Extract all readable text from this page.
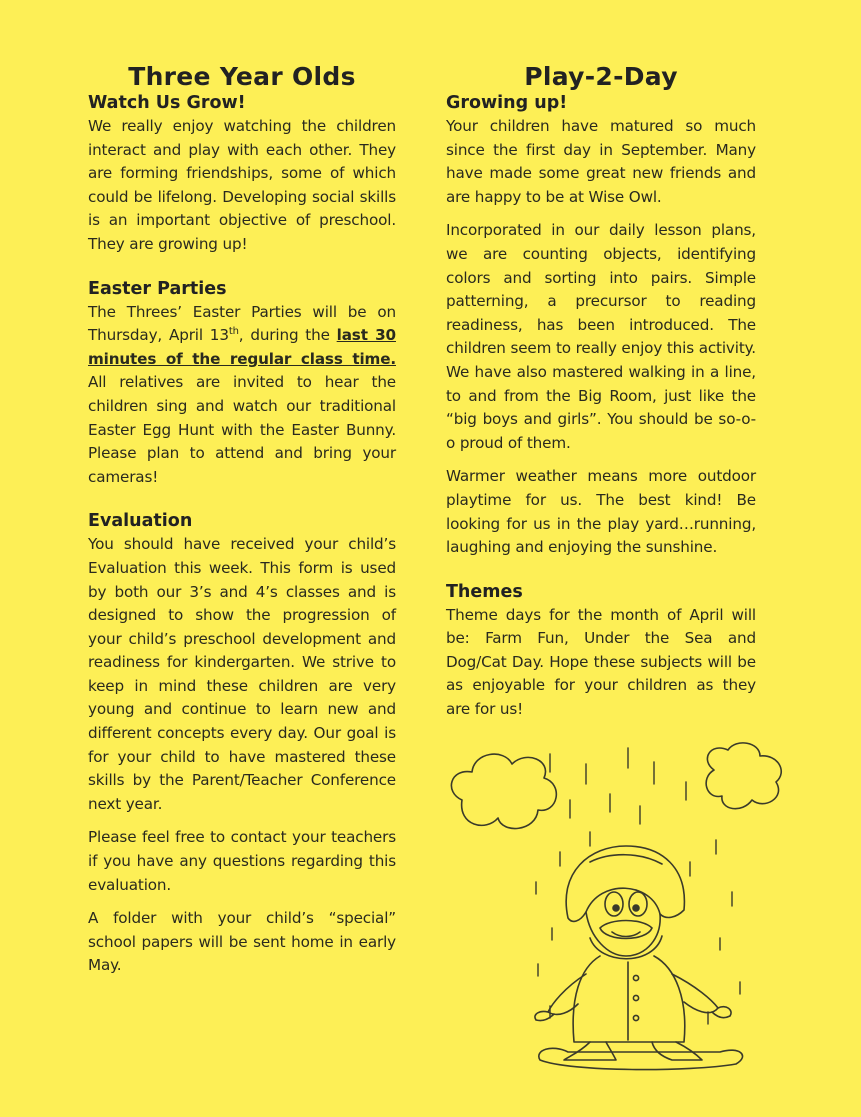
Three Year Olds
Watch Us Grow!

We really enjoy watching the children interact and play with each other. They are forming friendships, some of which could be lifelong. Developing social skills is an important objective of preschool. They are growing up!

Easter Parties

The Threes’ Easter Parties will be on Thursday, April 13th, during the last 30 minutes of the regular class time. All relatives are invited to hear the children sing and watch our traditional Easter Egg Hunt with the Easter Bunny. Please plan to attend and bring your cameras!

Evaluation

You should have received your child’s Evaluation this week. This form is used by both our 3’s and 4’s classes and is designed to show the progression of your child’s preschool development and readiness for kindergarten. We strive to keep in mind these children are very young and continue to learn new and different concepts every day. Our goal is for your child to have mastered these skills by the Parent/Teacher Conference next year.

Please feel free to contact your teachers if you have any questions regarding this evaluation.

A folder with your child’s “special” school papers will be sent home in early May.

Play-2-Day
Growing up!

Your children have matured so much since the first day in September. Many have made some great new friends and are happy to be at Wise Owl.

Incorporated in our daily lesson plans, we are counting objects, identifying colors and sorting into pairs. Simple patterning, a precursor to reading readiness, has been introduced. The children seem to really enjoy this activity. We have also mastered walking in a line, to and from the Big Room, just like the “big boys and girls”. You should be so-o-o proud of them.

Warmer weather means more outdoor playtime for us. The best kind! Be looking for us in the play yard…running, laughing and enjoying the sunshine.

Themes

Theme days for the month of April will be: Farm Fun, Under the Sea and Dog/Cat Day. Hope these subjects will be as enjoyable for your children as they are for us!
